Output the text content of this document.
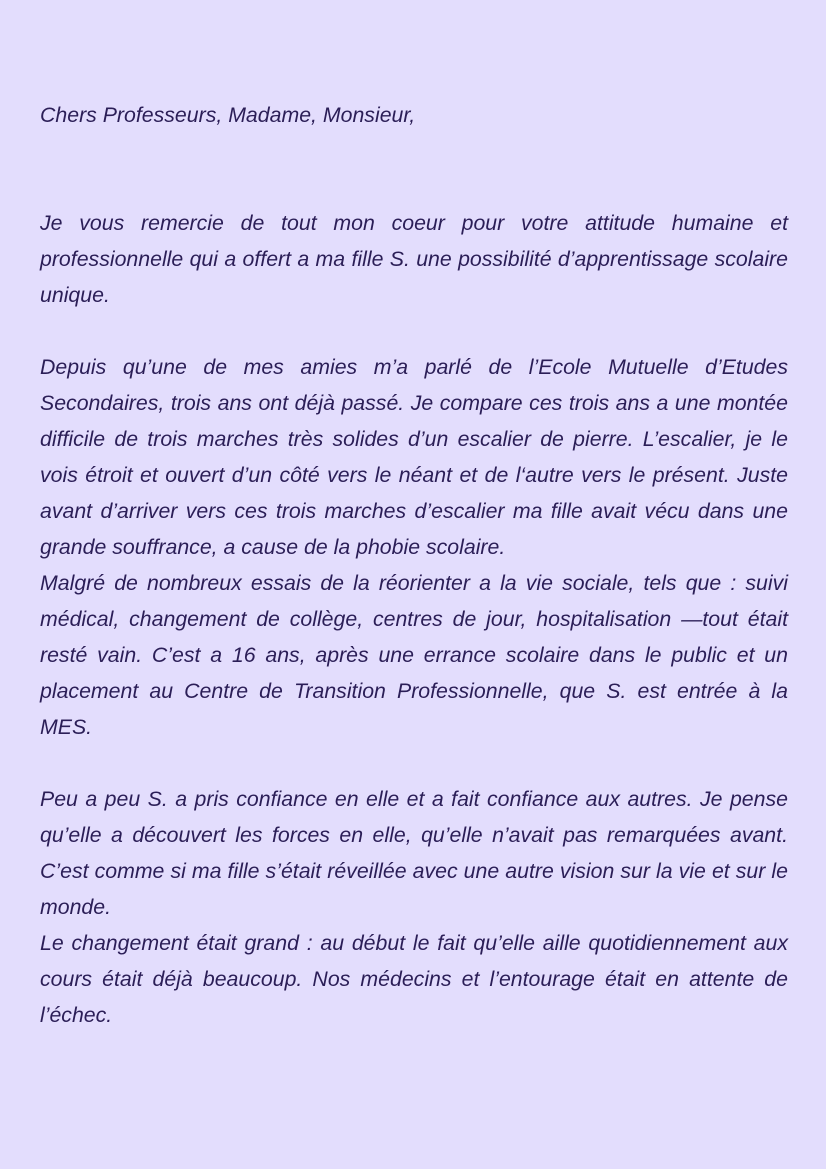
Chers Professeurs, Madame, Monsieur,

Je vous remercie de tout mon coeur pour votre attitude humaine et professionnelle qui a offert a ma fille S. une possibilité d’apprentissage scolaire unique.

Depuis qu’une de mes amies m’a parlé de l’Ecole Mutuelle d’Etudes Secondaires, trois ans ont déjà passé. Je compare ces trois ans a une montée difficile de trois marches très solides d’un escalier de pierre. L’escalier, je le vois étroit et ouvert d’un côté vers le néant et de l‘autre vers le présent. Juste avant d’arriver vers ces trois marches d’escalier ma fille avait vécu dans une grande souffrance, a cause de la phobie scolaire.

Malgré de nombreux essais de la réorienter a la vie sociale, tels que : suivi médical, changement de collège, centres de jour, hospitalisation —tout était resté vain. C’est a 16 ans, après une errance scolaire dans le public et un placement au Centre de Transition Professionnelle, que S. est entrée à la MES.

Peu a peu S. a pris confiance en elle et a fait confiance aux autres. Je pense qu’elle a découvert les forces en elle, qu’elle n’avait pas remarquées avant. C’est comme si ma fille s’était réveillée avec une autre vision sur la vie et sur le monde.

Le changement était grand : au début le fait qu’elle aille quotidiennement aux cours était déjà beaucoup. Nos médecins et l’entourage était en attente de l’échec.
